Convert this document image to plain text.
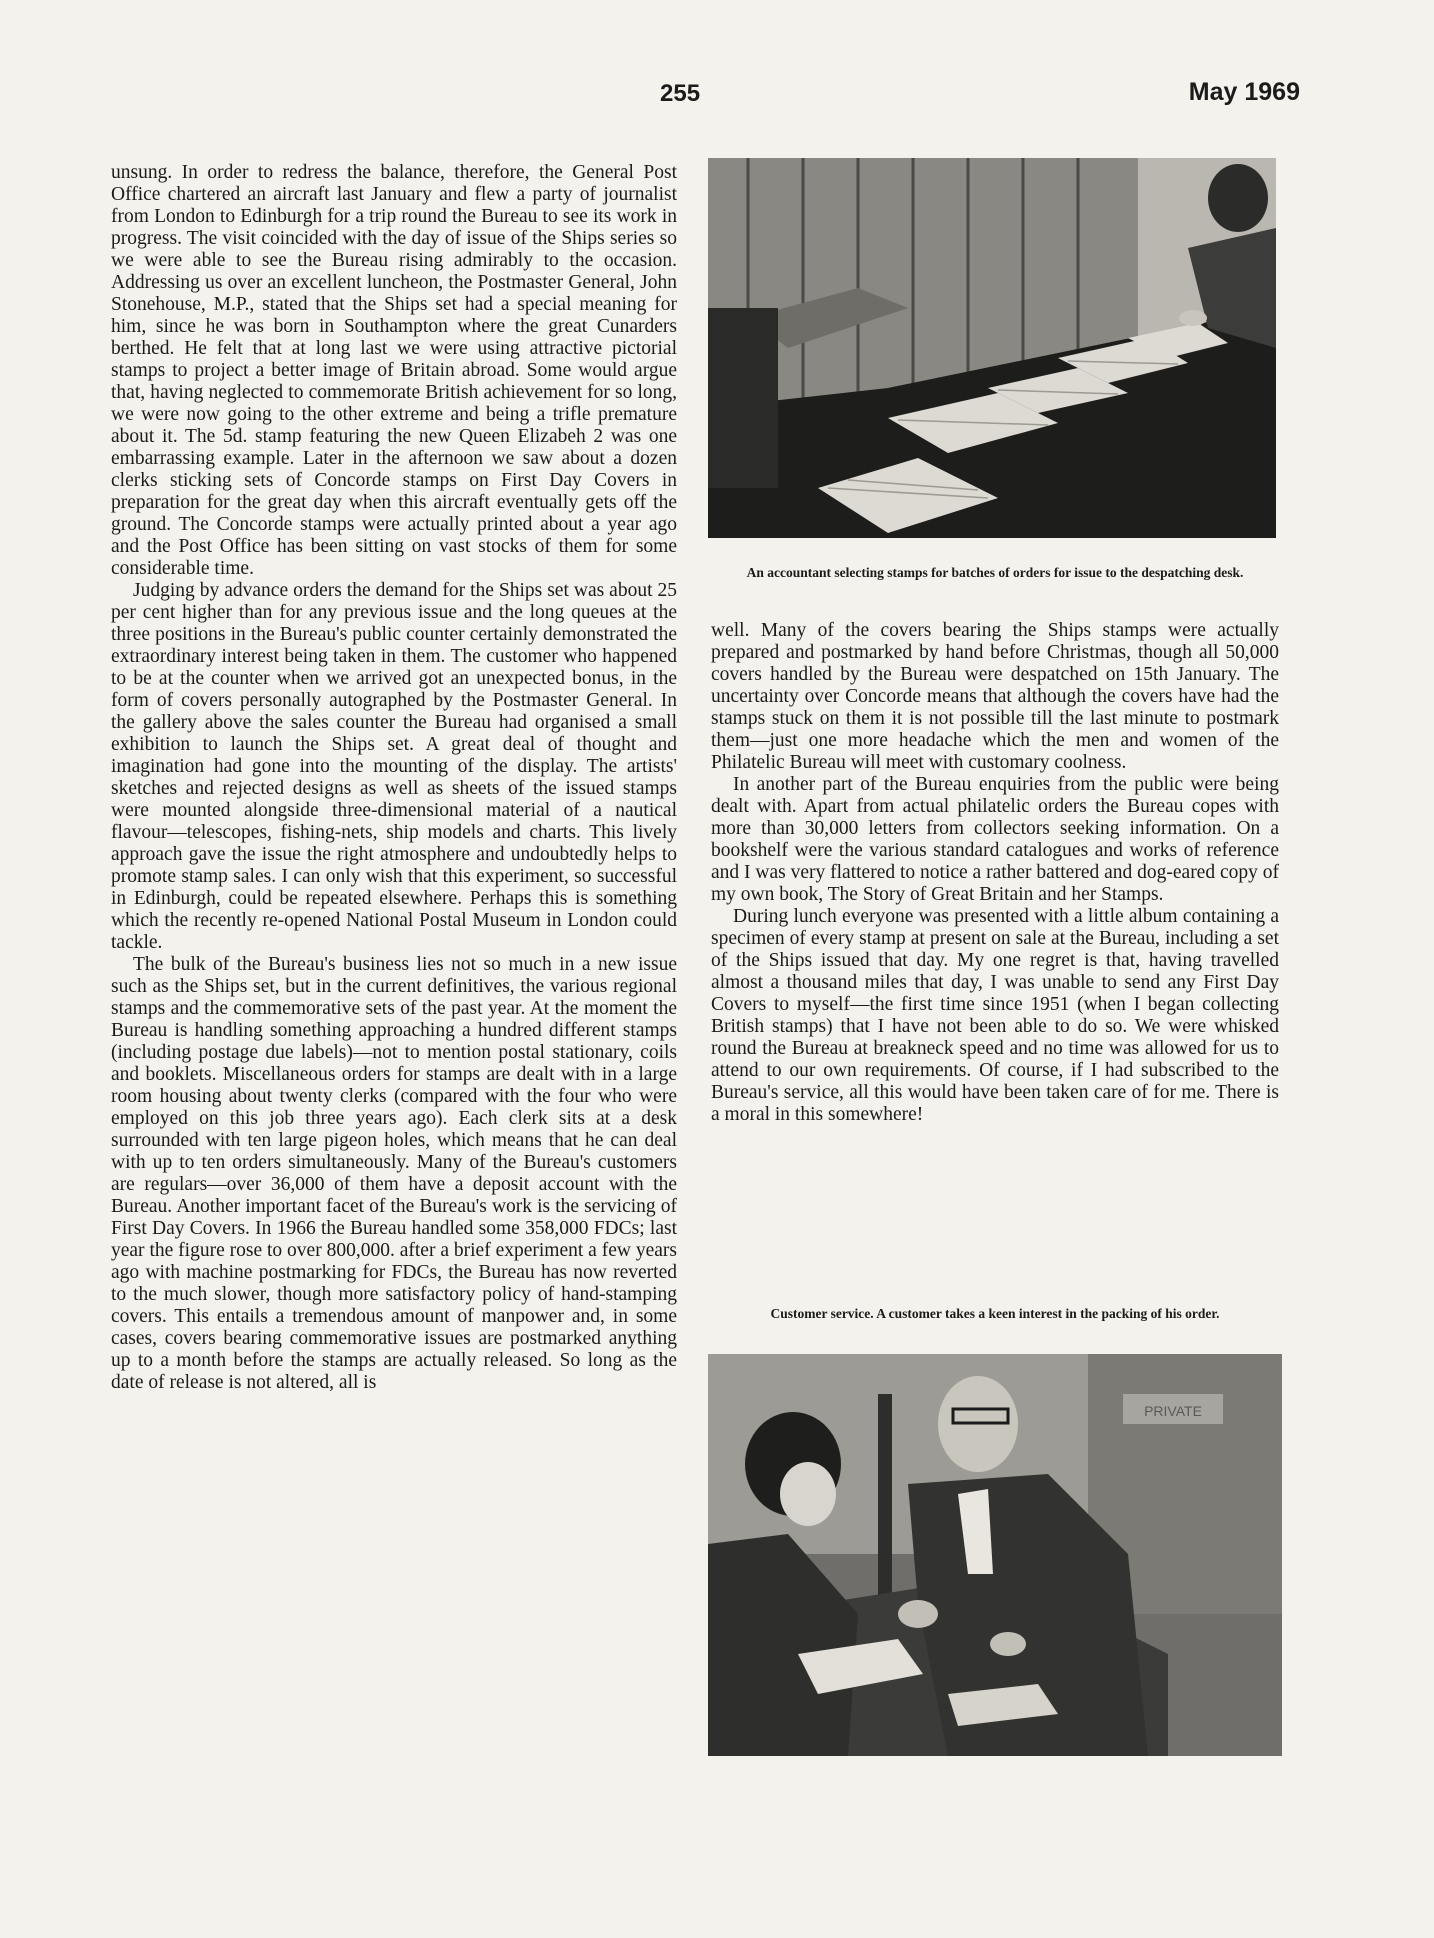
255	May 1969

unsung. In order to redress the balance, therefore, the General Post Office chartered an aircraft last January and flew a party of journalist from London to Edinburgh for a trip round the Bureau to see its work in progress. The visit coincided with the day of issue of the Ships series so we were able to see the Bureau rising admirably to the occasion. Addressing us over an excellent luncheon, the Postmaster General, John Stonehouse, M.P., stated that the Ships set had a special meaning for him, since he was born in Southampton where the great Cunarders berthed. He felt that at long last we were using attractive pictorial stamps to project a better image of Britain abroad. Some would argue that, having neglected to commemorate British achievement for so long, we were now going to the other extreme and being a trifle premature about it. The 5d. stamp featuring the new Queen Elizabeh 2 was one embarrassing example. Later in the afternoon we saw about a dozen clerks sticking sets of Concorde stamps on First Day Covers in preparation for the great day when this aircraft eventually gets off the ground. The Concorde stamps were actually printed about a year ago and the Post Office has been sitting on vast stocks of them for some considerable time.

Judging by advance orders the demand for the Ships set was about 25 per cent higher than for any previous issue and the long queues at the three positions in the Bureau's public counter certainly demonstrated the extraordinary interest being taken in them. The customer who happened to be at the counter when we arrived got an unexpected bonus, in the form of covers personally autographed by the Postmaster General. In the gallery above the sales counter the Bureau had organised a small exhibition to launch the Ships set. A great deal of thought and imagination had gone into the mounting of the display. The artists' sketches and rejected designs as well as sheets of the issued stamps were mounted alongside three-dimensional material of a nautical flavour—telescopes, fishing-nets, ship models and charts. This lively approach gave the issue the right atmosphere and undoubtedly helps to promote stamp sales. I can only wish that this experiment, so successful in Edinburgh, could be repeated elsewhere. Perhaps this is something which the recently re-opened National Postal Museum in London could tackle.

The bulk of the Bureau's business lies not so much in a new issue such as the Ships set, but in the current definitives, the various regional stamps and the commemorative sets of the past year. At the moment the Bureau is handling something approaching a hundred different stamps (including postage due labels)—not to mention postal stationary, coils and booklets. Miscellaneous orders for stamps are dealt with in a large room housing about twenty clerks (compared with the four who were employed on this job three years ago). Each clerk sits at a desk surrounded with ten large pigeon holes, which means that he can deal with up to ten orders simultaneously. Many of the Bureau's customers are regulars—over 36,000 of them have a deposit account with the Bureau. Another important facet of the Bureau's work is the servicing of First Day Covers. In 1966 the Bureau handled some 358,000 FDCs; last year the figure rose to over 800,000. after a brief experiment a few years ago with machine postmarking for FDCs, the Bureau has now reverted to the much slower, though more satisfactory policy of hand-stamping covers. This entails a tremendous amount of manpower and, in some cases, covers bearing commemorative issues are postmarked anything up to a month before the stamps are actually released. So long as the date of release is not altered, all is

An accountant selecting stamps for batches of orders for issue to the despatching desk.

well. Many of the covers bearing the Ships stamps were actually prepared and postmarked by hand before Christmas, though all 50,000 covers handled by the Bureau were despatched on 15th January. The uncertainty over Concorde means that although the covers have had the stamps stuck on them it is not possible till the last minute to postmark them—just one more headache which the men and women of the Philatelic Bureau will meet with customary coolness.

In another part of the Bureau enquiries from the public were being dealt with. Apart from actual philatelic orders the Bureau copes with more than 30,000 letters from collectors seeking information. On a bookshelf were the various standard catalogues and works of reference and I was very flattered to notice a rather battered and dog-eared copy of my own book, The Story of Great Britain and her Stamps.

During lunch everyone was presented with a little album containing a specimen of every stamp at present on sale at the Bureau, including a set of the Ships issued that day. My one regret is that, having travelled almost a thousand miles that day, I was unable to send any First Day Covers to myself—the first time since 1951 (when I began collecting British stamps) that I have not been able to do so. We were whisked round the Bureau at breakneck speed and no time was allowed for us to attend to our own requirements. Of course, if I had subscribed to the Bureau's service, all this would have been taken care of for me. There is a moral in this somewhere!

Customer service. A customer takes a keen interest in the packing of his order.
PRIVATE
